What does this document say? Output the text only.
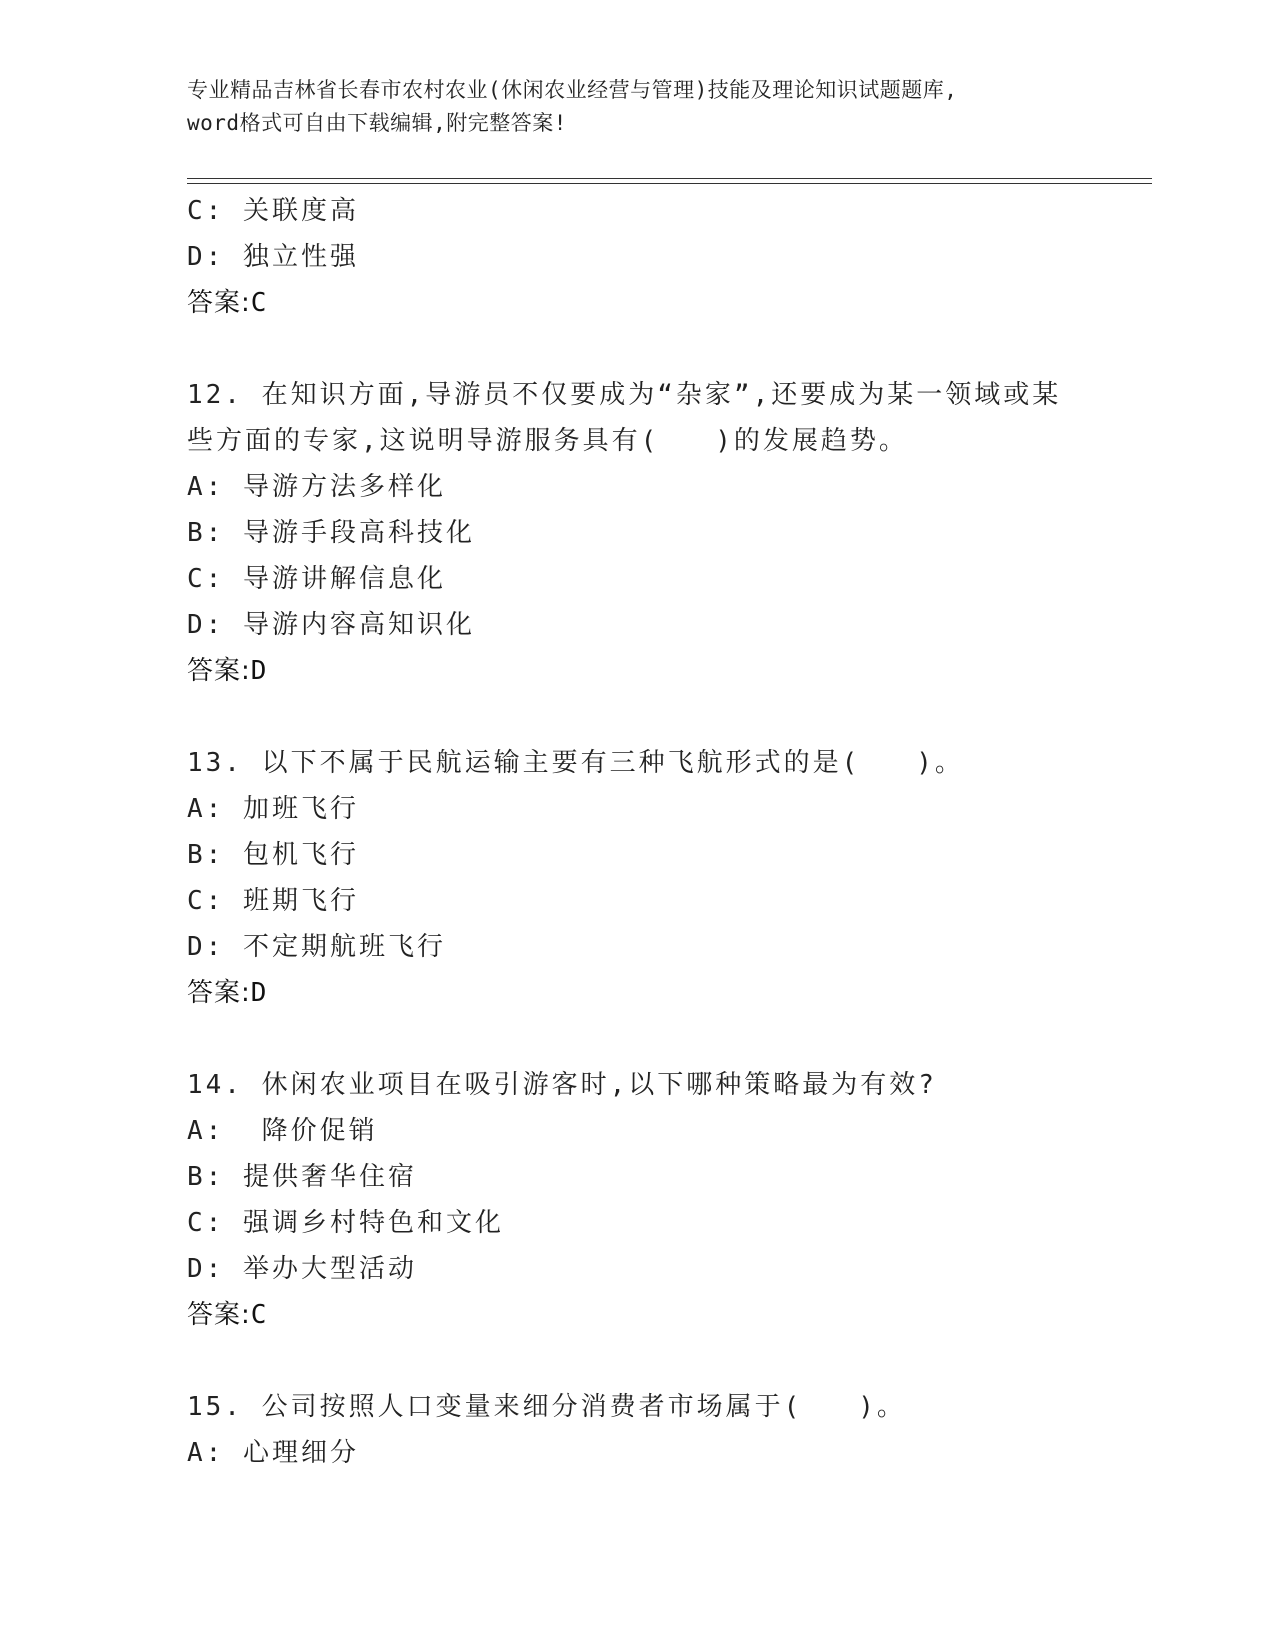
专业精品吉林省长春市农村农业(休闲农业经营与管理)技能及理论知识试题题库,
word格式可自由下载编辑,附完整答案!
C: 关联度高
D: 独立性强
答案:C
12. 在知识方面,导游员不仅要成为“杂家”,还要成为某一领域或某
些方面的专家,这说明导游服务具有(   )的发展趋势。
A: 导游方法多样化
B: 导游手段高科技化
C: 导游讲解信息化
D: 导游内容高知识化
答案:D
13. 以下不属于民航运输主要有三种飞航形式的是(   )。
A: 加班飞行
B: 包机飞行
C: 班期飞行
D: 不定期航班飞行
答案:D
14. 休闲农业项目在吸引游客时,以下哪种策略最为有效?
A:  降价促销
B: 提供奢华住宿
C: 强调乡村特色和文化
D: 举办大型活动
答案:C
15. 公司按照人口变量来细分消费者市场属于(   )。
A: 心理细分
